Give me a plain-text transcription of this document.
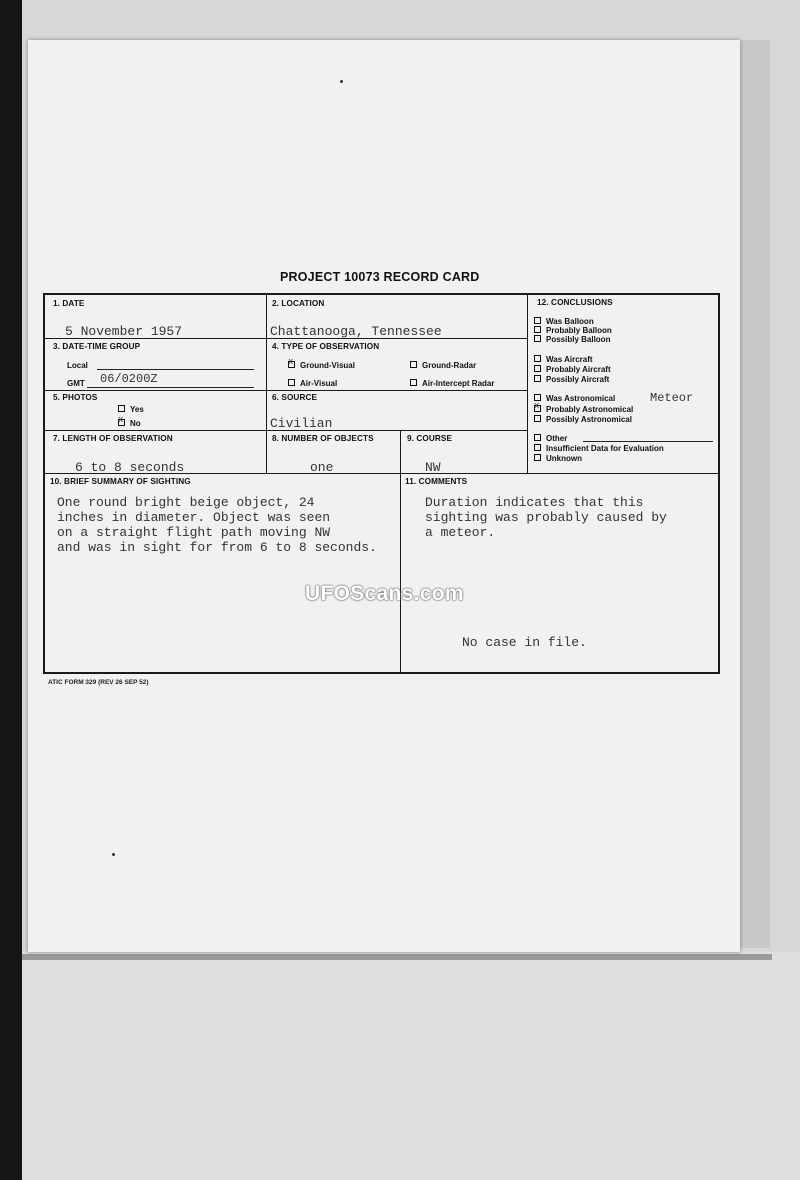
PROJECT 10073 RECORD CARD
1. DATE
5 November 1957
2. LOCATION
Chattanooga, Tennessee
3. DATE-TIME GROUP
Local
GMT 06/0200Z
4. TYPE OF OBSERVATION
x Ground-Visual	Ground-Radar
Air-Visual	Air-Intercept Radar
5. PHOTOS
Yes
x No
6. SOURCE
Civilian
7. LENGTH OF OBSERVATION
6 to 8 seconds
8. NUMBER OF OBJECTS
one
9. COURSE
NW
10. BRIEF SUMMARY OF SIGHTING
One round bright beige object, 24
inches in diameter. Object was seen
on a straight flight path moving NW
and was in sight for from 6 to 8 seconds.
11. COMMENTS
Duration indicates that this
sighting was probably caused by
a meteor.
No case in file.
12. CONCLUSIONS
Was Balloon
Probably Balloon
Possibly Balloon
Was Aircraft
Probably Aircraft
Possibly Aircraft
Was Astronomical	Meteor
x Probably Astronomical
Possibly Astronomical
Other
Insufficient Data for Evaluation
Unknown
UFOScans.com
ATIC FORM 329 (REV 26 SEP 52)
